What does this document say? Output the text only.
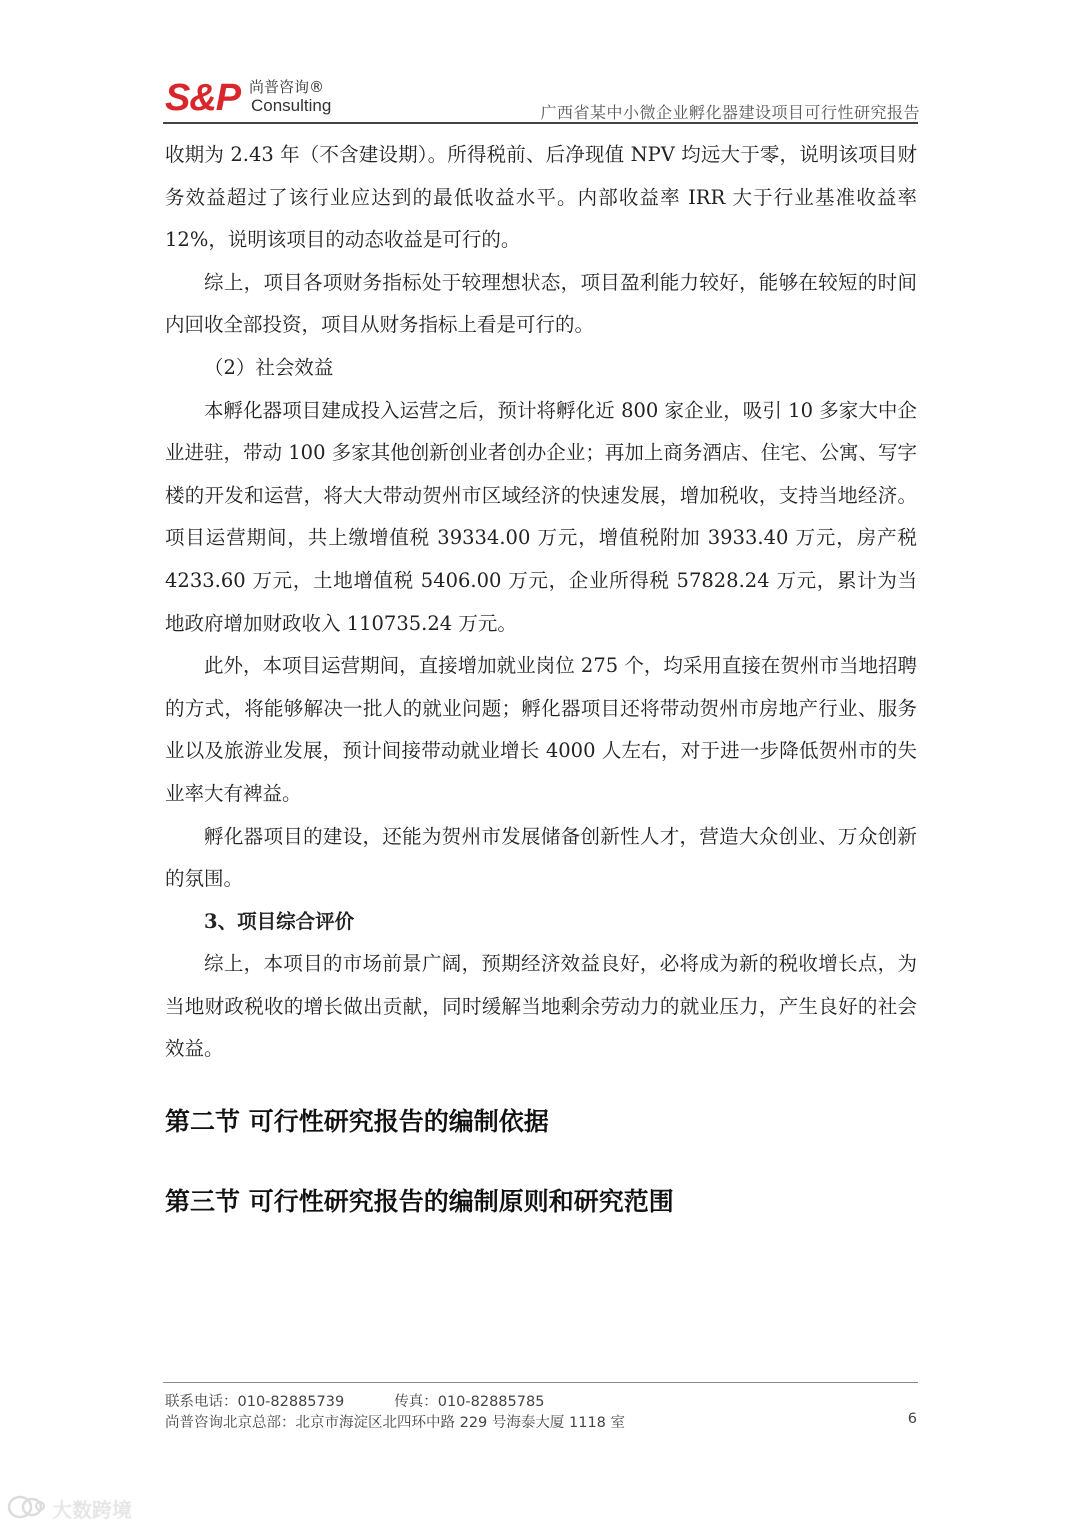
S&P 尚普咨询®
Consulting	广西省某中小微企业孵化器建设项目可行性研究报告

收期为 2.43 年（不含建设期）。所得税前、后净现值 NPV 均远大于零，说明该项目财务效益超过了该行业应达到的最低收益水平。内部收益率 IRR 大于行业基准收益率 12%，说明该项目的动态收益是可行的。

综上，项目各项财务指标处于较理想状态，项目盈利能力较好，能够在较短的时间内回收全部投资，项目从财务指标上看是可行的。

（2）社会效益

本孵化器项目建成投入运营之后，预计将孵化近 800 家企业，吸引 10 多家大中企业进驻，带动 100 多家其他创新创业者创办企业；再加上商务酒店、住宅、公寓、写字楼的开发和运营，将大大带动贺州市区域经济的快速发展，增加税收，支持当地经济。项目运营期间，共上缴增值税 39334.00 万元，增值税附加 3933.40 万元，房产税 4233.60 万元，土地增值税 5406.00 万元，企业所得税 57828.24 万元，累计为当地政府增加财政收入 110735.24 万元。

此外，本项目运营期间，直接增加就业岗位 275 个，均采用直接在贺州市当地招聘的方式，将能够解决一批人的就业问题；孵化器项目还将带动贺州市房地产行业、服务业以及旅游业发展，预计间接带动就业增长 4000 人左右，对于进一步降低贺州市的失业率大有裨益。

孵化器项目的建设，还能为贺州市发展储备创新性人才，营造大众创业、万众创新的氛围。

3、项目综合评价

综上，本项目的市场前景广阔，预期经济效益良好，必将成为新的税收增长点，为当地财政税收的增长做出贡献，同时缓解当地剩余劳动力的就业压力，产生良好的社会效益。

第二节 可行性研究报告的编制依据
第三节 可行性研究报告的编制原则和研究范围
联系电话：010-82885739	传真：010-82885785
尚普咨询北京总部：北京市海淀区北四环中路 229 号海泰大厦 1118 室	6
大数跨境
